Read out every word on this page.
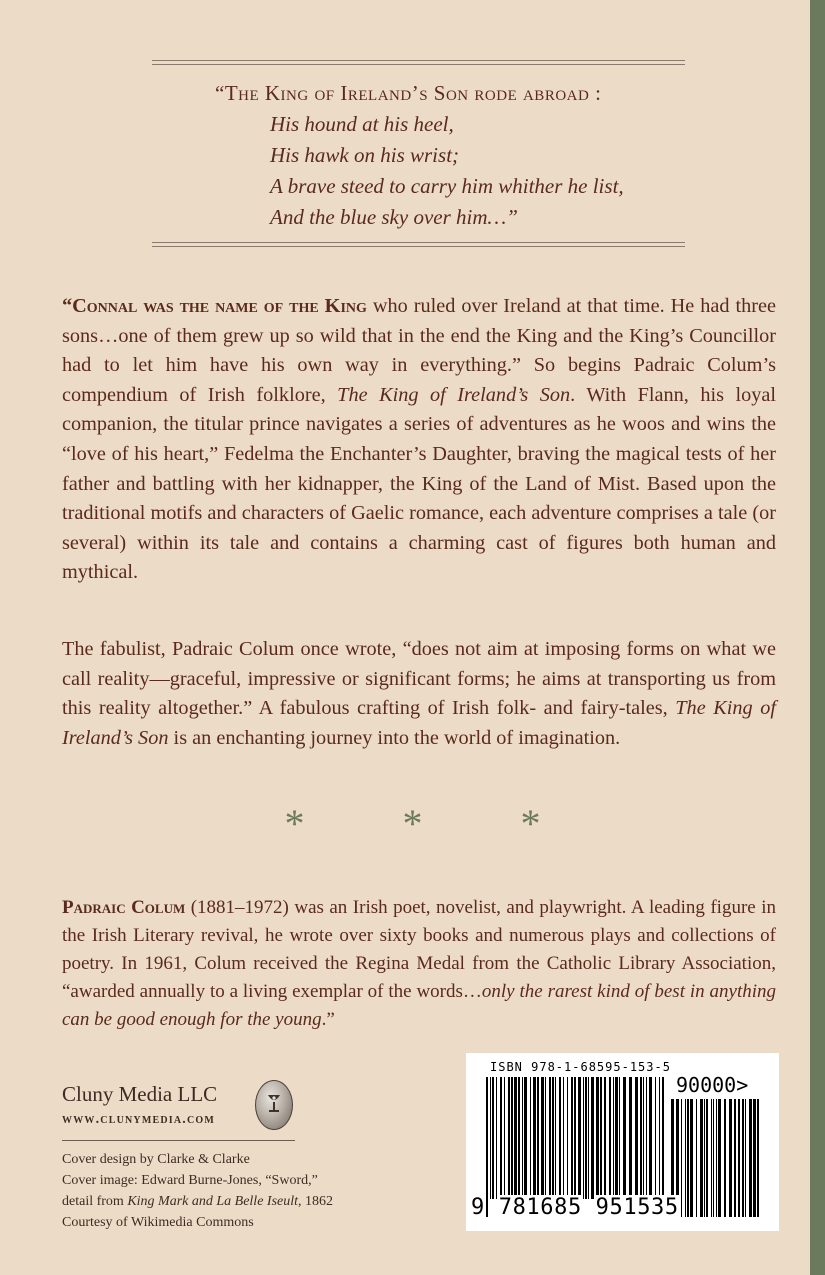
“The King of Ireland’s Son rode abroad :
His hound at his heel,
His hawk on his wrist;
A brave steed to carry him whither he list,
And the blue sky over him…”
“Connal was the name of the King who ruled over Ireland at that time. He had three sons…one of them grew up so wild that in the end the King and the King’s Councillor had to let him have his own way in everything.” So begins Padraic Colum’s compendium of Irish folklore, The King of Ireland’s Son. With Flann, his loyal companion, the titular prince navigates a series of adventures as he woos and wins the “love of his heart,” Fedelma the Enchanter’s Daughter, braving the magical tests of her father and battling with her kidnapper, the King of the Land of Mist. Based upon the traditional motifs and characters of Gaelic romance, each adventure comprises a tale (or several) within its tale and contains a charming cast of figures both human and mythical.
The fabulist, Padraic Colum once wrote, “does not aim at imposing forms on what we call reality—graceful, impressive or significant forms; he aims at transporting us from this reality altogether.” A fabulous crafting of Irish folk- and fairy-tales, The King of Ireland’s Son is an enchanting journey into the world of imagination.
* * *
Padraic Colum (1881–1972) was an Irish poet, novelist, and playwright. A leading figure in the Irish Literary revival, he wrote over sixty books and numerous plays and collections of poetry. In 1961, Colum received the Regina Medal from the Catholic Library Association, “awarded annually to a living exemplar of the words…only the rarest kind of best in anything can be good enough for the young.”
Cluny Media LLC
www.clunymedia.com
Cover design by Clarke & Clarke
Cover image: Edward Burne-Jones, “Sword,”
detail from King Mark and La Belle Iseult, 1862
Courtesy of Wikimedia Commons
ISBN 978-1-68595-153-5
90000>
9 781685 951535
